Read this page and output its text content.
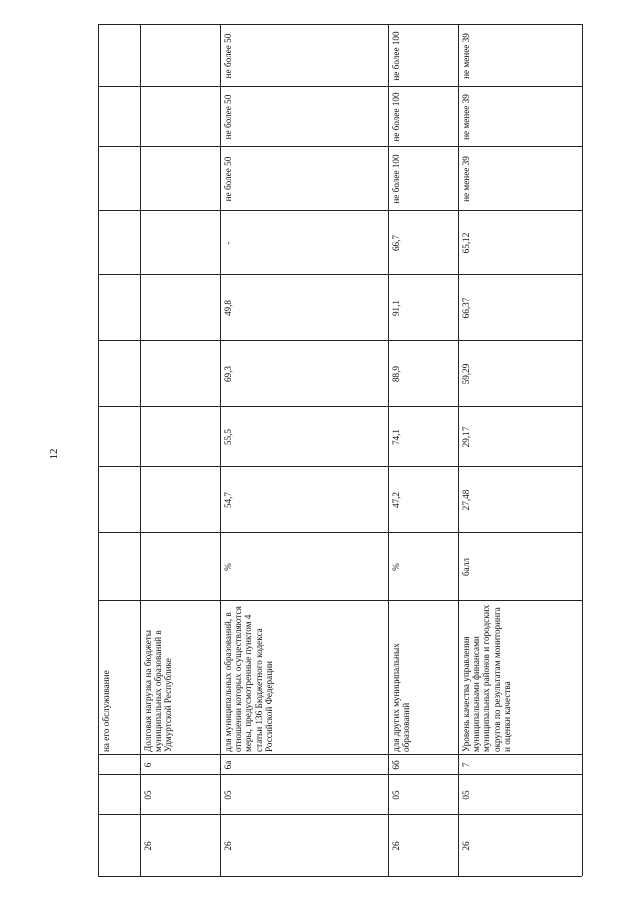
12
на его обслуживание
26
05
6
Долговая нагрузка на бюджеты муниципальных образований в Удмуртской Республике
26
05
6а
для муниципальных образований, в отношении которых осуществляются меры, предусмотренные пунктом 4 статьи 136 Бюджетного кодекса Российской Федерации
%
54,7
55,5
69,3
49,8
-
не более 50
не более 50
не более 50
26
05
6б
для других муниципальных образований
%
47,2
74,1
88,9
91,1
66,7
не более 100
не более 100
не более 100
26
05
7
Уровень качества управления муниципальными финансами муниципальных районов и городских округов по результатам мониторинга и оценки качества
балл
27,48
29,17
59,29
66,37
65,12
не менее 39
не менее 39
не менее 39
